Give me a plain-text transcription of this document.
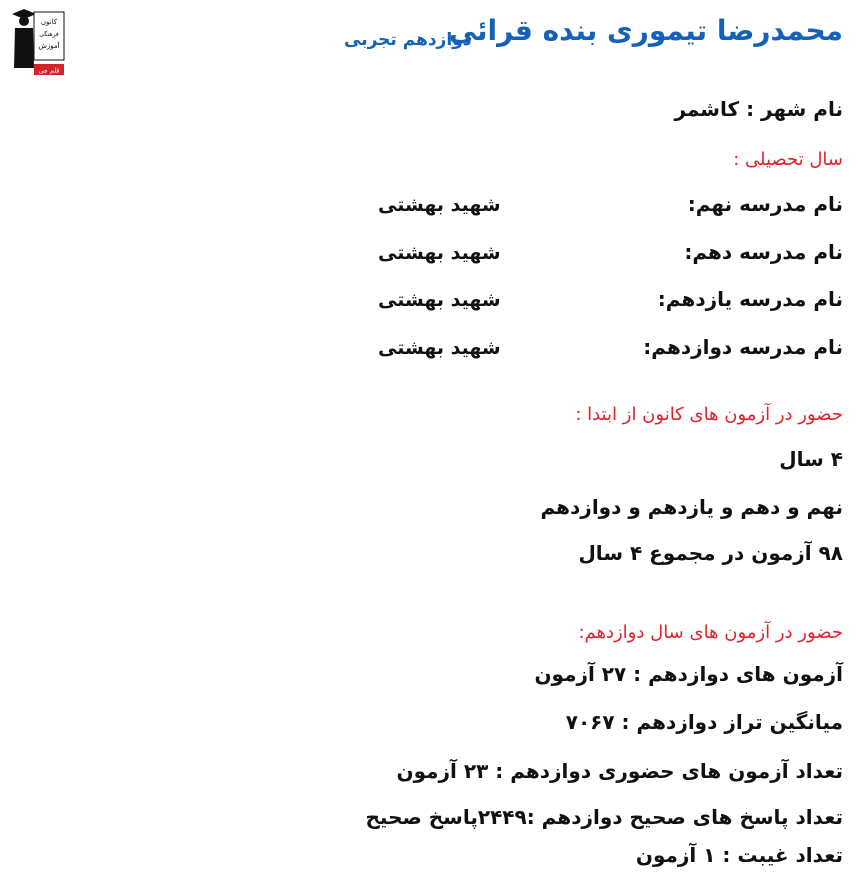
کانون
فرهنگی
آموزش
قلم چی
محمدرضا تیموری بنده قرائی
دوازدهم تجربی
نام شهر : کاشمر
سال تحصیلی :
نام مدرسه نهم:
شهید بهشتی
نام مدرسه دهم:
شهید بهشتی
نام مدرسه یازدهم:
شهید بهشتی
نام مدرسه دوازدهم:
شهید بهشتی
حضور در آزمون های کانون از ابتدا :
۴ سال
نهم و دهم و یازدهم و دوازدهم
۹۸ آزمون در مجموع ۴ سال
حضور در آزمون های سال دوازدهم:
آزمون های دوازدهم : ۲۷ آزمون
میانگین تراز دوازدهم : ۷۰۶۷
تعداد آزمون های حضوری دوازدهم : ۲۳ آزمون
تعداد پاسخ های صحیح دوازدهم :۲۴۴۹پاسخ صحیح
تعداد غیبت : ۱ آزمون
